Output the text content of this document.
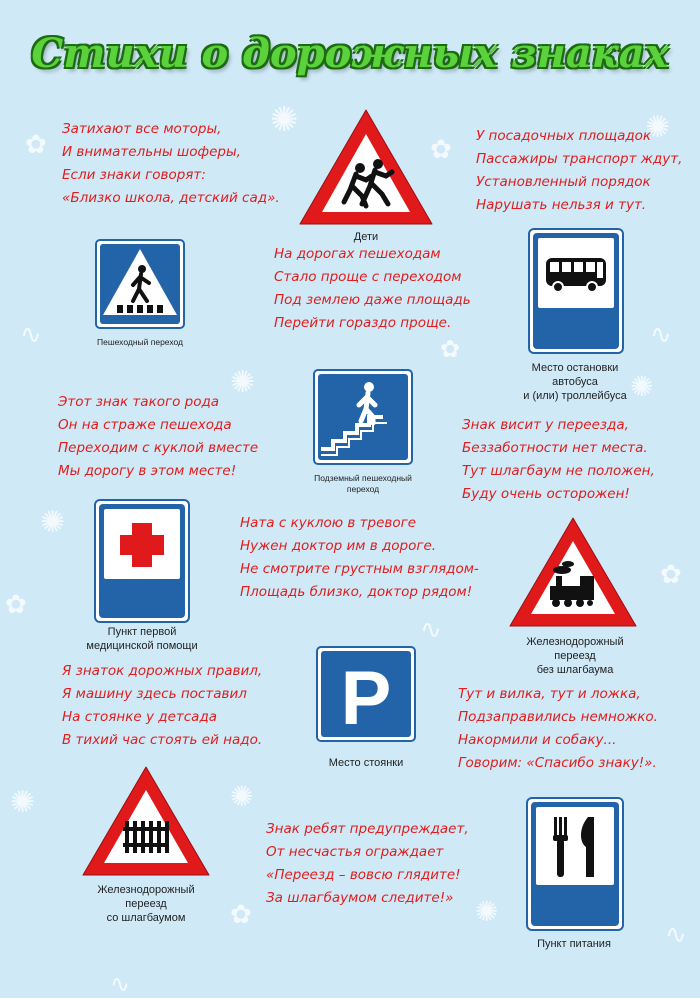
✺
✿	✿
✺
✺	✺
✿
✺
∿
∿
✿
✿
∿
✺	✺
✿	✺
∿
∿
Стихи о дорожных знаках
Затихают все моторы,
И внимательны шоферы,
Если знаки говорят:
«Близко школа, детский сад».
У посадочных площадок
Пассажиры транспорт ждут,
Установленный порядок
Нарушать нельзя и тут.
На дорогах пешеходам
Стало проще с переходом
Под землею даже площадь
Перейти гораздо проще.
Этот знак такого рода
Он на страже пешехода
Переходим с куклой вместе
Мы дорогу в этом месте!
Знак висит у переезда,
Беззаботности нет места.
Тут шлагбаум не положен,
Буду очень осторожен!
Ната с куклою в тревоге
Нужен доктор им в дороге.
Не смотрите грустным взглядом-
Площадь близко, доктор рядом!
Я знаток дорожных правил,
Я машину здесь поставил
На стоянке у детсада
В тихий час стоять ей надо.
Тут и вилка, тут и ложка,
Подзаправились немножко.
Накормили и собаку...
Говорим: «Спасибо знаку!».
Знак ребят предупреждает,
От несчастья ограждает
«Переезд – вовсю глядите!
За шлагбаумом следите!»
Дети
Пешеходный переход
Место остановки
автобуса
и (или) троллейбуса
Подземный пешеходный
переход
Пункт первой
медицинской помощи	Железнодорожный
переезд
без шлагбаума
P
Место стоянки
Железнодорожный
переезд
со шлагбаумом
Пункт питания
